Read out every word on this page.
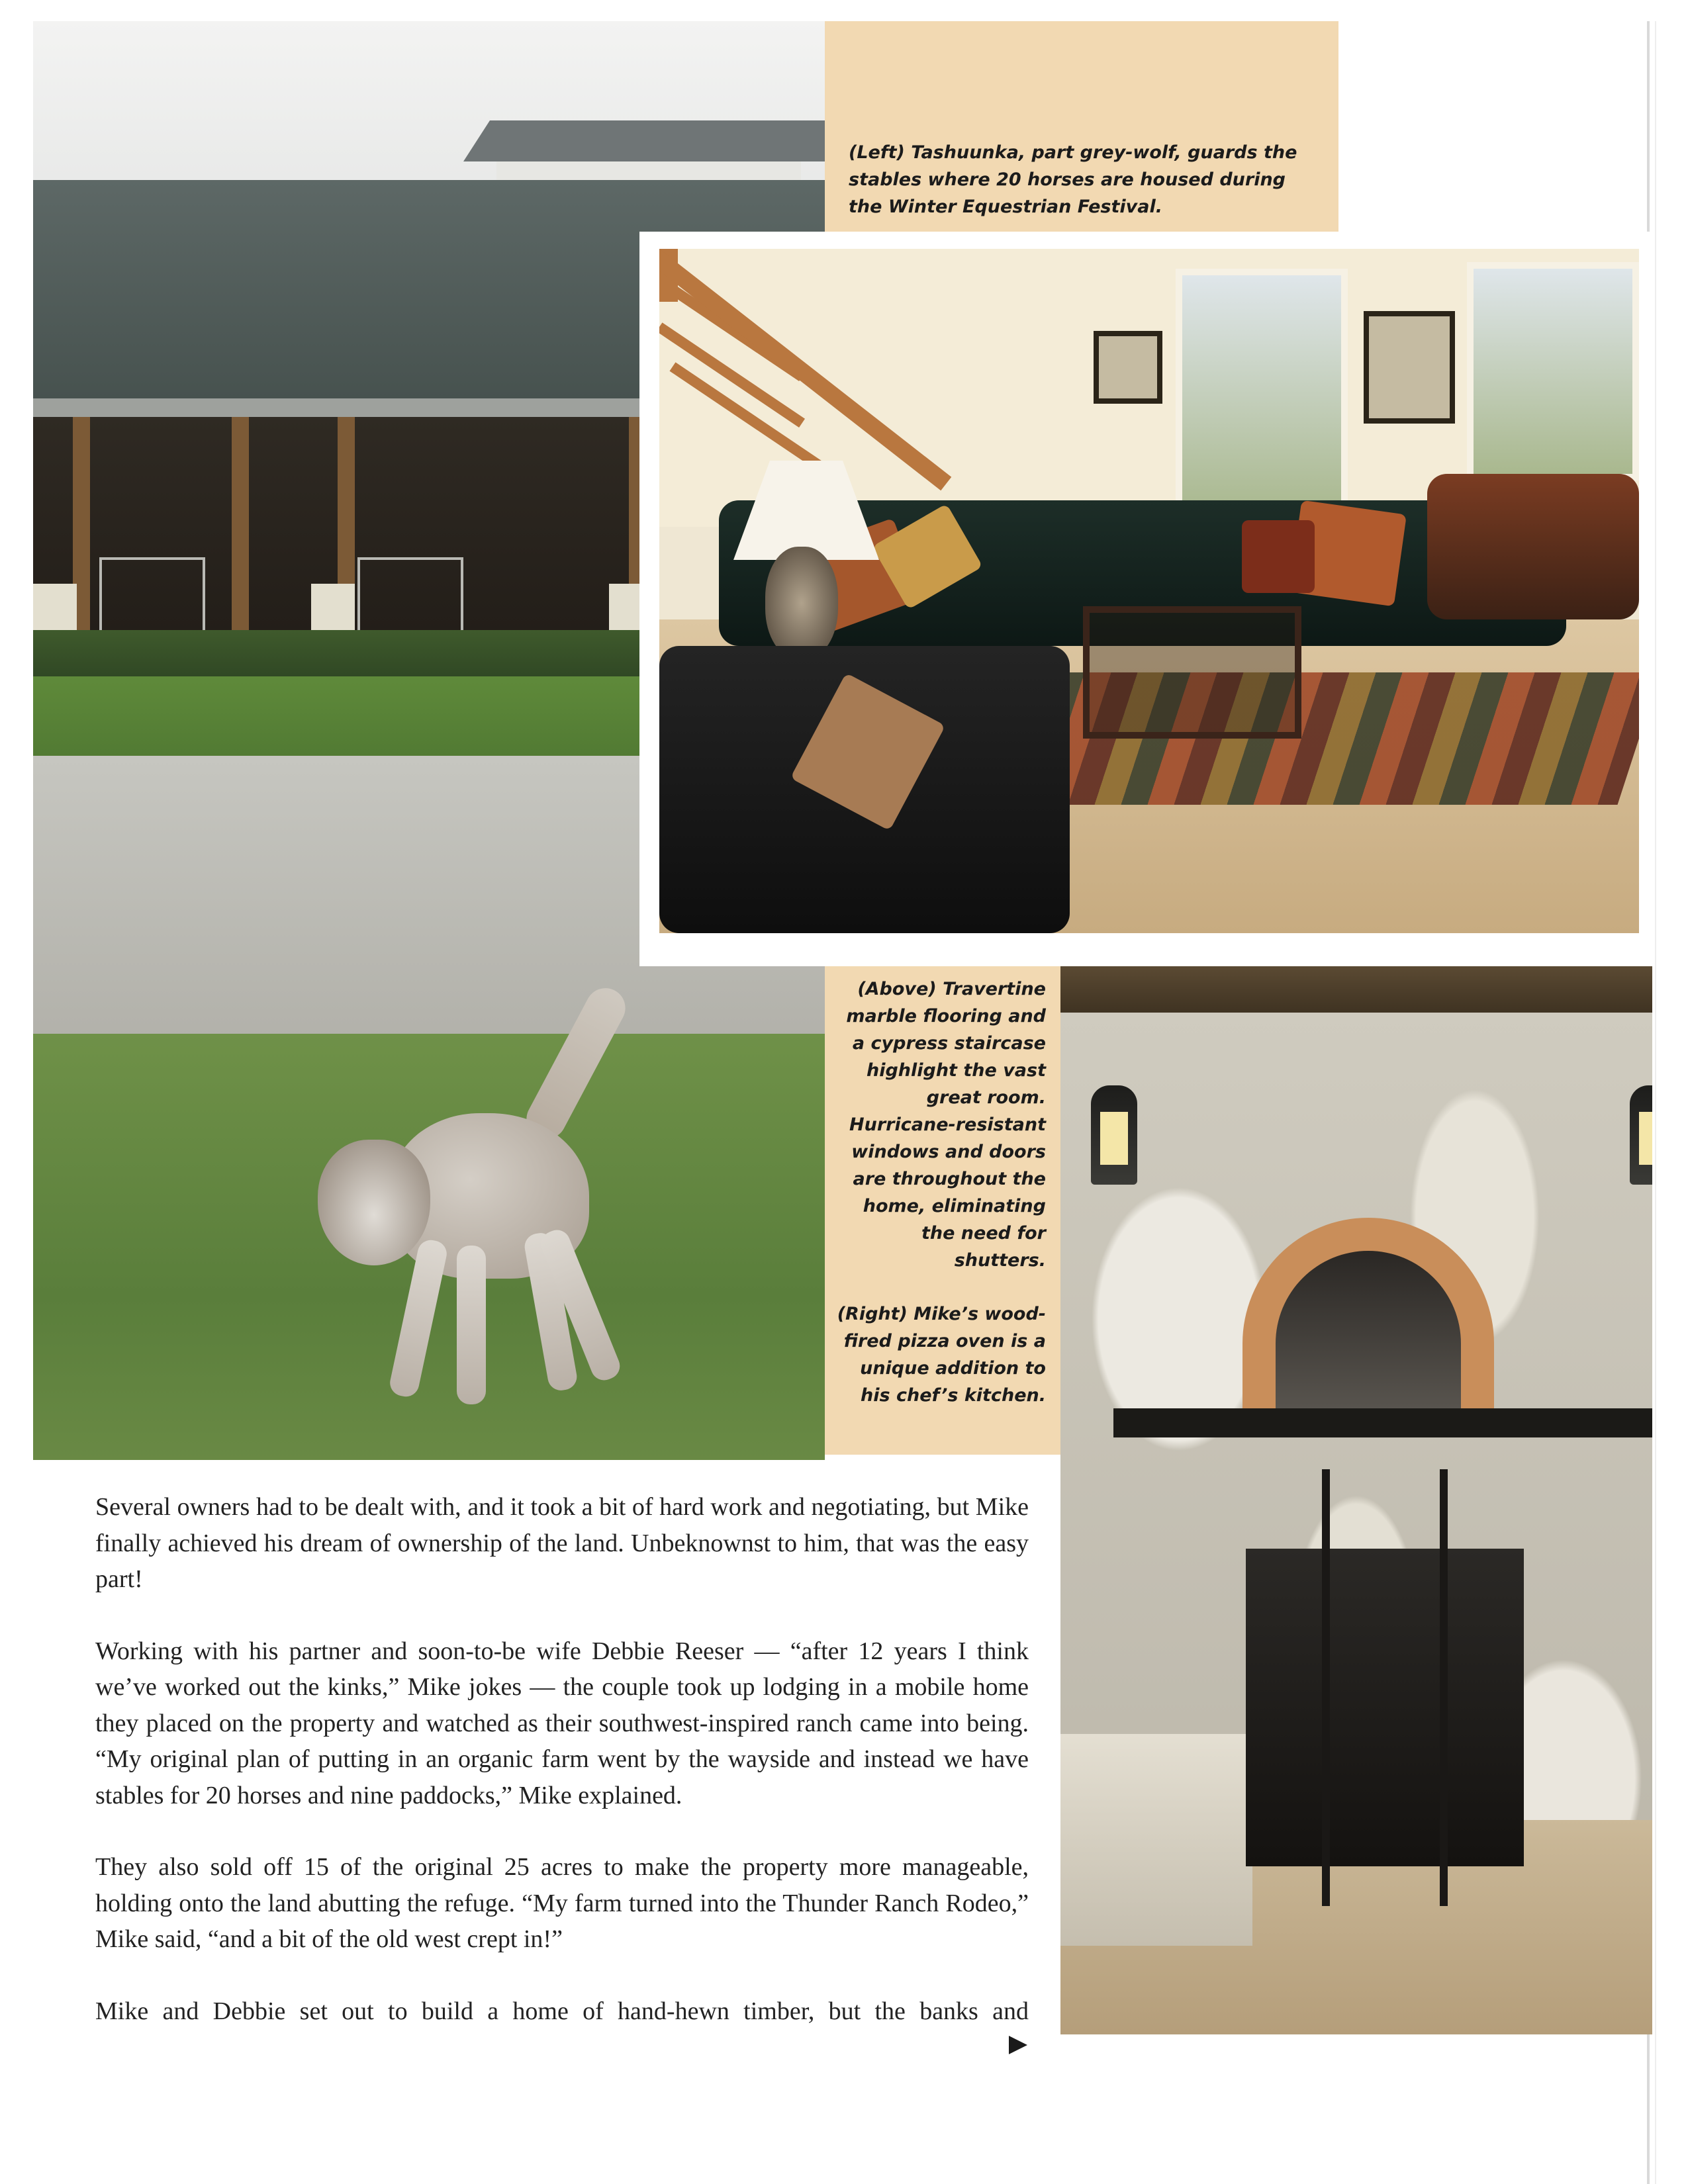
(Left) Tashuunka, part grey-wolf, guards the stables where 20 horses are housed during the Winter Equestrian Festival.

(Above) Travertine marble flooring and a cypress staircase highlight the vast great room. Hurricane-resistant windows and doors are throughout the home, eliminating the need for shutters.

(Right) Mike’s wood-fired pizza oven is a unique addition to his chef’s kitchen.

Several owners had to be dealt with, and it took a bit of hard work and negotiating, but Mike finally achieved his dream of ownership of the land. Unbeknownst to him, that was the easy part!

Working with his partner and soon-to-be wife Debbie Reeser — “after 12 years I think we’ve worked out the kinks,” Mike jokes — the couple took up lodging in a mobile home they placed on the property and watched as their southwest-inspired ranch came into being. “My original plan of putting in an organic farm went by the wayside and instead we have stables for 20 horses and nine paddocks,” Mike explained.

They also sold off 15 of the original 25 acres to make the property more manageable, holding onto the land abutting the refuge. “My farm turned into the Thunder Ranch Rodeo,” Mike said, “and a bit of the old west crept in!”

Mike and Debbie set out to build a home of hand-hewn timber, but the banks and
